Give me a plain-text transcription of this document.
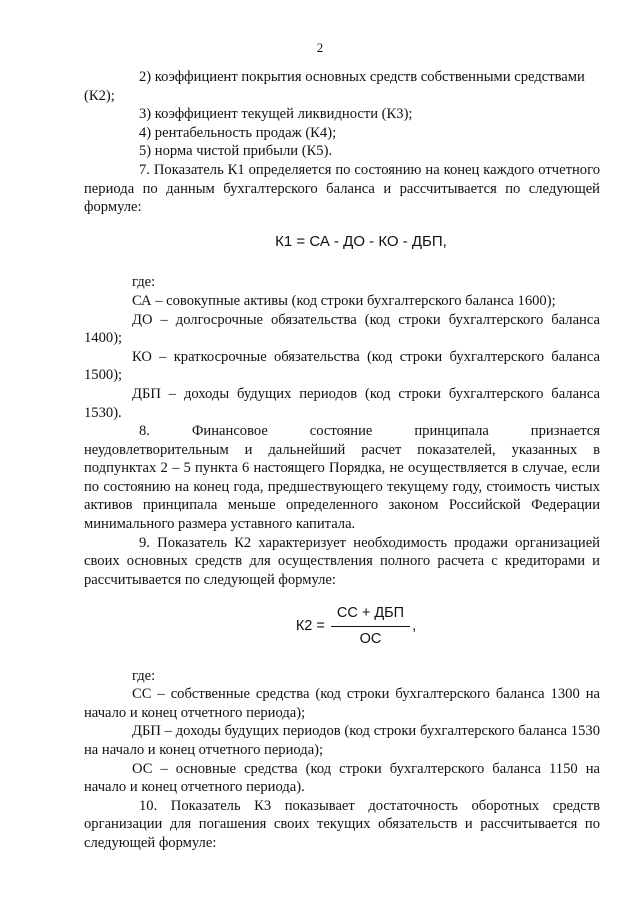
2

2) коэффициент покрытия основных средств собственными средствами

(К2);

3) коэффициент текущей ликвидности (К3);

4) рентабельность продаж (К4);

5) норма чистой прибыли (К5).

7. Показатель К1 определяется по состоянию на конец каждого отчетного периода по данным бухгалтерского баланса и рассчитывается по следующей формуле:

К1 = СА - ДО - КО - ДБП,

где:

СА – совокупные активы (код строки бухгалтерского баланса 1600);

ДО – долгосрочные обязательства (код строки бухгалтерского баланса 1400);

КО – краткосрочные обязательства (код строки бухгалтерского баланса 1500);

ДБП – доходы будущих периодов (код строки бухгалтерского баланса 1530).

8. Финансовое состояние принципала признается

неудовлетворительным и дальнейший расчет показателей, указанных в подпунктах 2 – 5 пункта 6 настоящего Порядка, не осуществляется в случае, если по состоянию на конец года, предшествующего текущему году, стоимость чистых активов принципала меньше определенного законом Российской Федерации минимального размера уставного капитала.

9. Показатель К2 характеризует необходимость продажи организацией своих основных средств для осуществления полного расчета с кредиторами и рассчитывается по следующей формуле:

$К2 = \frac{\text{СС + ДБП}}{ОС}$ ,

где:

СС – собственные средства (код строки бухгалтерского баланса 1300 на начало и конец отчетного периода);

ДБП – доходы будущих периодов (код строки бухгалтерского баланса 1530 на начало и конец отчетного периода);

ОС – основные средства (код строки бухгалтерского баланса 1150 на начало и конец отчетного периода).

10. Показатель К3 показывает достаточность оборотных средств организации для погашения своих текущих обязательств и рассчитывается по следующей формуле:
